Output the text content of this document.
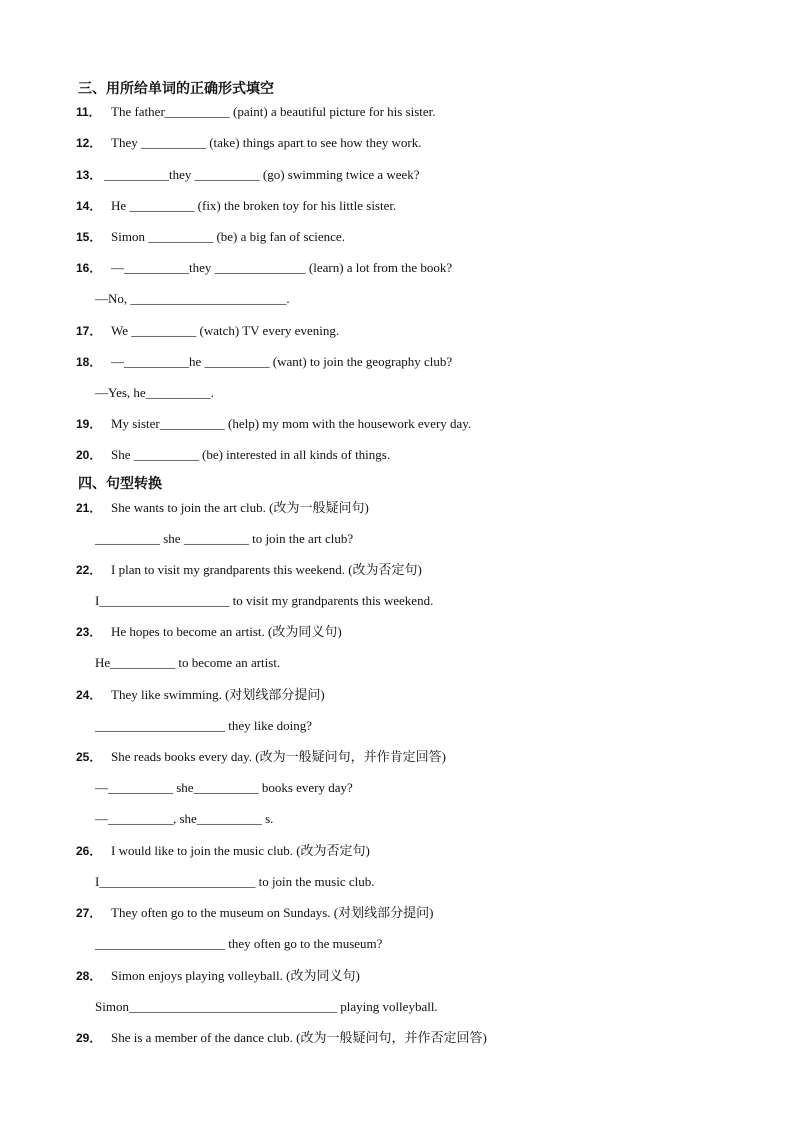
三、用所给单词的正确形式填空
11． The father__________ (paint) a beautiful picture for his sister.
12． They __________ (take) things apart to see how they work.
13． __________they __________ (go) swimming twice a week?
14． He __________ (fix) the broken toy for his little sister.
15． Simon __________ (be) a big fan of science.
16． —__________they ______________ (learn) a lot from the book?
—No, ________________________.
17． We __________ (watch) TV every evening.
18． —__________he __________ (want) to join the geography club?
—Yes, he__________.
19． My sister__________ (help) my mom with the housework every day.
20． She __________ (be) interested in all kinds of things.
四、句型转换
21． She wants to join the art club. (改为一般疑问句)
__________ she __________ to join the art club?
22． I plan to visit my grandparents this weekend. (改为否定句)
I____________________ to visit my grandparents this weekend.
23． He hopes to become an artist. (改为同义句)
He__________ to become an artist.
24． They like swimming. (对划线部分提问)
____________________ they like doing?
25． She reads books every day. (改为一般疑问句，并作肯定回答)
—__________ she__________ books every day?
—__________, she__________ s.
26． I would like to join the music club. (改为否定句)
I________________________ to join the music club.
27． They often go to the museum on Sundays. (对划线部分提问)
____________________ they often go to the museum?
28． Simon enjoys playing volleyball. (改为同义句)
Simon________________________________ playing volleyball.
29． She is a member of the dance club. (改为一般疑问句，并作否定回答)
